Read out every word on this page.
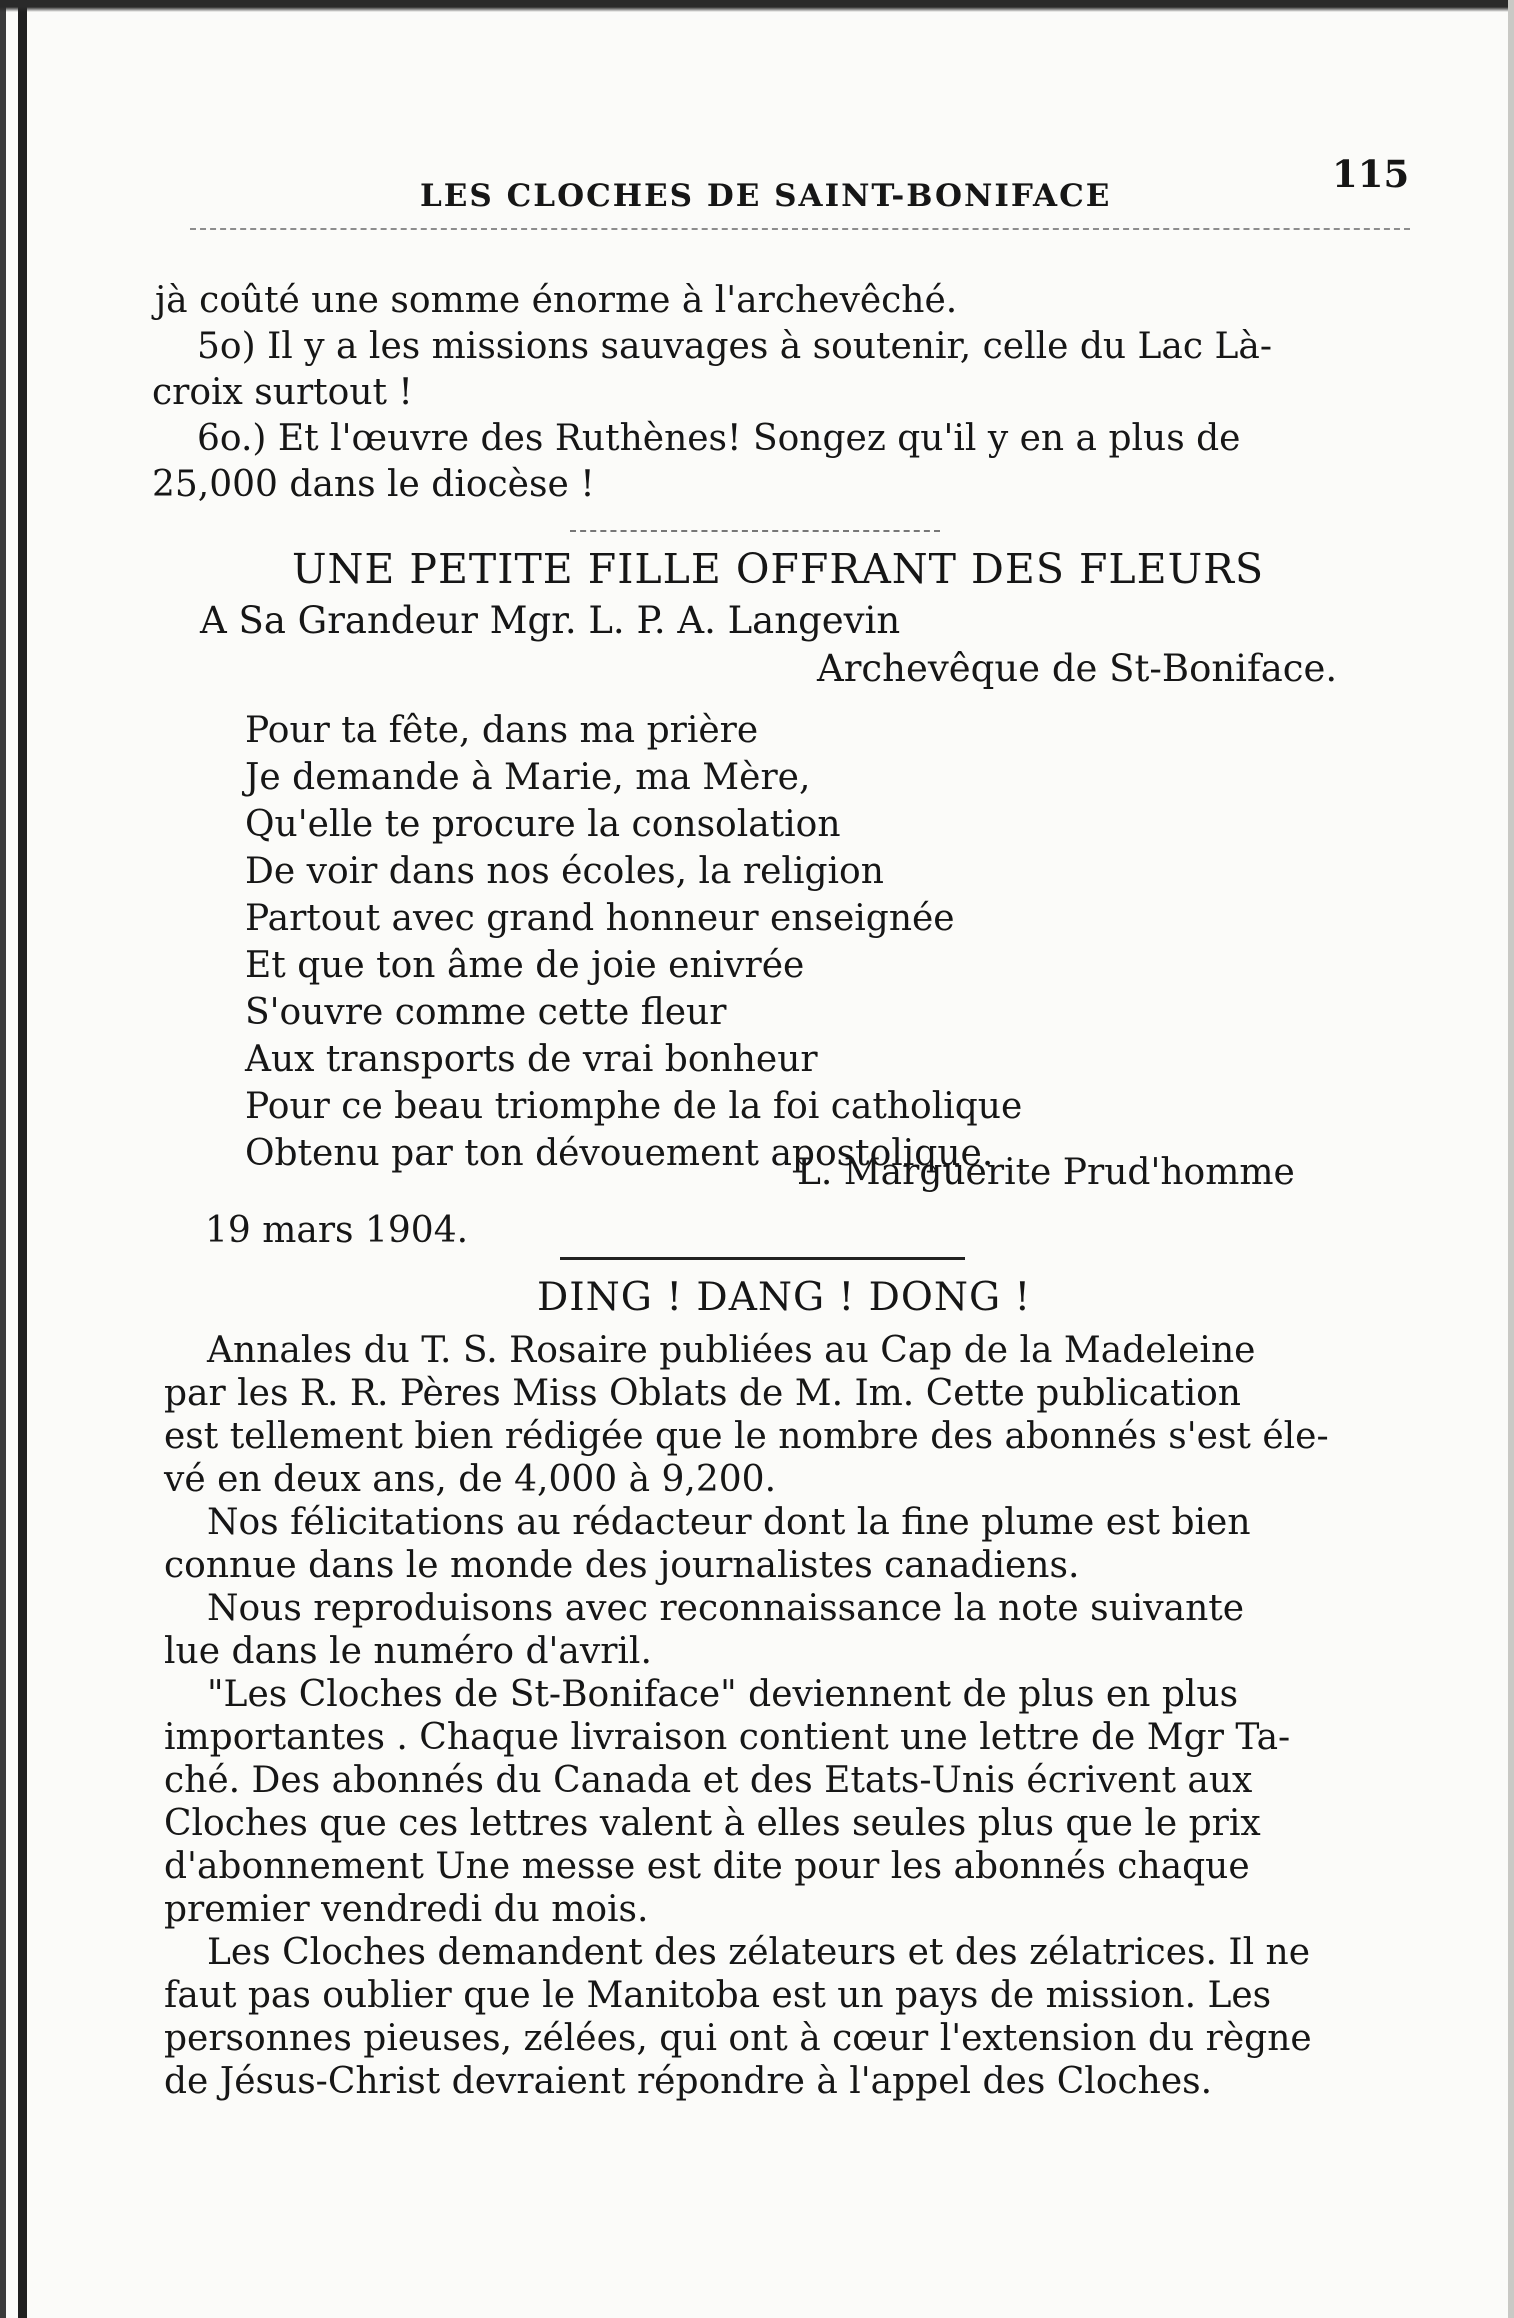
LES CLOCHES DE SAINT-BONIFACE	115
jà coûté une somme énorme à l'archevêché.
5o) Il y a les missions sauvages à soutenir, celle du Lac Là-
croix surtout !
6o.) Et l'œuvre des Ruthènes! Songez qu'il y en a plus de
25,000 dans le diocèse !
UNE PETITE FILLE OFFRANT DES FLEURS
A Sa Grandeur Mgr. L. P. A. Langevin
Archevêque de St-Boniface.
Pour ta fête, dans ma prière
Je demande à Marie, ma Mère,
Qu'elle te procure la consolation
De voir dans nos écoles, la religion
Partout avec grand honneur enseignée
Et que ton âme de joie enivrée
S'ouvre comme cette fleur
Aux transports de vrai bonheur
Pour ce beau triomphe de la foi catholique
Obtenu par ton dévouement apostolique.
L. Marguerite Prud'homme
19 mars 1904.
DING ! DANG ! DONG !
Annales du T. S. Rosaire publiées au Cap de la Madeleine
par les R. R. Pères Miss Oblats de M. Im. Cette publication
est tellement bien rédigée que le nombre des abonnés s'est éle-
vé en deux ans, de 4,000 à 9,200.
Nos félicitations au rédacteur dont la fine plume est bien
connue dans le monde des journalistes canadiens.
Nous reproduisons avec reconnaissance la note suivante
lue dans le numéro d'avril.
"Les Cloches de St-Boniface" deviennent de plus en plus
importantes . Chaque livraison contient une lettre de Mgr Ta-
ché. Des abonnés du Canada et des Etats-Unis écrivent aux
Cloches que ces lettres valent à elles seules plus que le prix
d'abonnement Une messe est dite pour les abonnés chaque
premier vendredi du mois.
Les Cloches demandent des zélateurs et des zélatrices. Il ne
faut pas oublier que le Manitoba est un pays de mission. Les
personnes pieuses, zélées, qui ont à cœur l'extension du règne
de Jésus-Christ devraient répondre à l'appel des Cloches.
